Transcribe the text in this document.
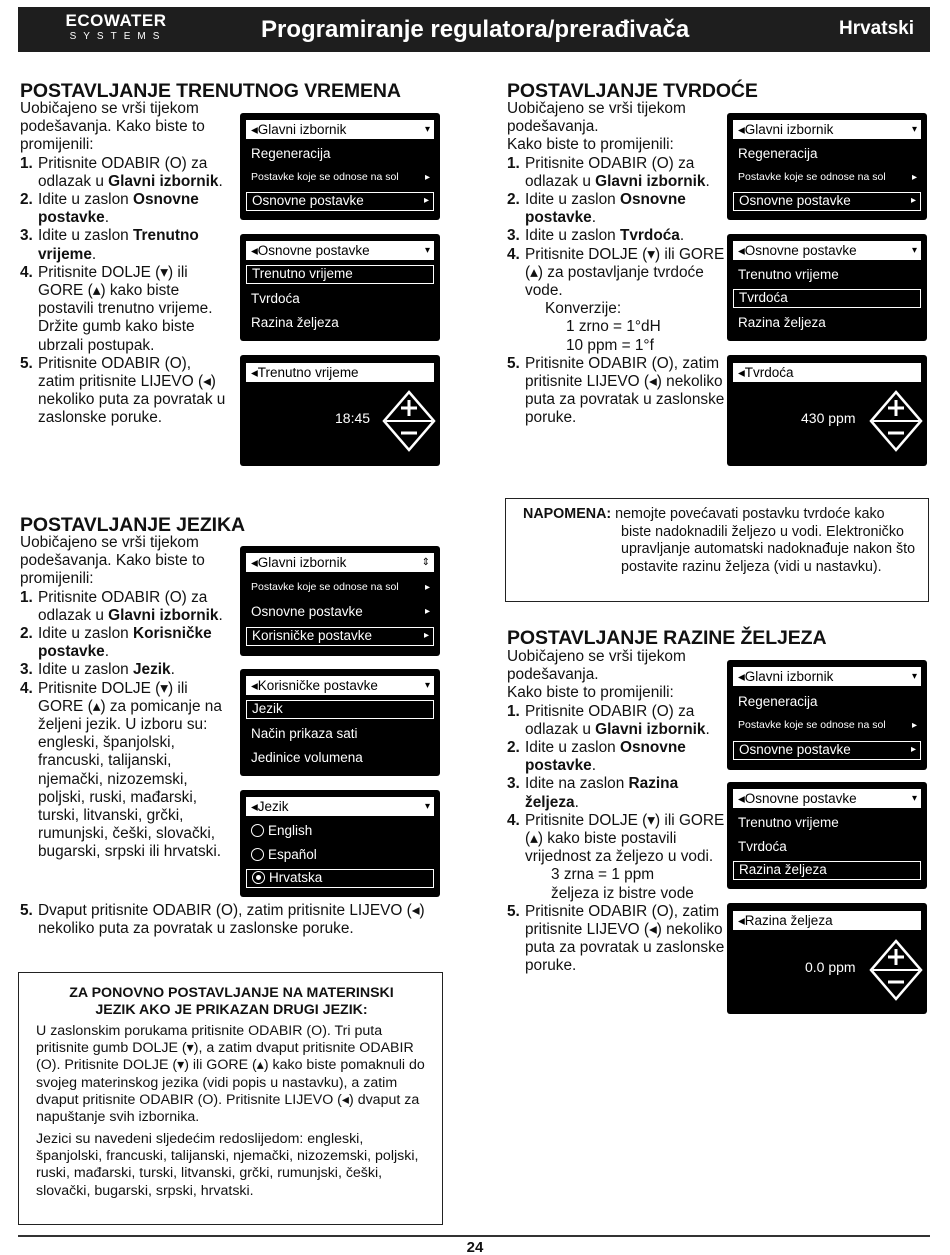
ECOWATER
SYSTEMS	Programiranje regulatora/prerađivača	Hrvatski
POSTAVLJANJE TRENUTNOG VREMENA

Uobičajeno se vrši tijekom podešavanja. Kako biste to promijenili:

1. Pritisnite ODABIR (O) za odlazak u Glavni izbornik.
2. Idite u zaslon Osnovne postavke.
3. Idite u zaslon Trenutno vrijeme.
4. Pritisnite DOLJE (▾) ili GORE (▴) kako biste postavili trenutno vrijeme. Držite gumb kako biste ubrzali postupak.
5. Pritisnite ODABIR (O), zatim pritisnite LIJEVO (◂) nekoliko puta za povratak u zaslonske poruke.
◂Glavni izbornik	▾
Regeneracija
Postavke koje se odnose na sol	▸
Osnovne postavke	▸
◂Osnovne postavke	▾
Trenutno vrijeme
Tvrdoća
Razina željeza
◂Trenutno vrijeme
18:45
POSTAVLJANJE TVRDOĆE

Uobičajeno se vrši tijekom podešavanja.

Kako biste to promijenili:

1. Pritisnite ODABIR (O) za odlazak u Glavni izbornik.
2. Idite u zaslon Osnovne postavke.
3. Idite u zaslon Tvrdoća.
4. Pritisnite DOLJE (▾) ili GORE (▴) za postavljanje tvrdoće vode.

Konverzije:

1 zrno = 1°dH

10 ppm = 1°f

5. Pritisnite ODABIR (O), zatim pritisnite LIJEVO (◂) nekoliko puta za povratak u zaslonske poruke.
◂Glavni izbornik	▾
Regeneracija
Postavke koje se odnose na sol	▸
Osnovne postavke	▸
◂Osnovne postavke	▾
Trenutno vrijeme
Tvrdoća
Razina željeza
◂Tvrdoća
430 ppm
NAPOMENA: nemojte povećavati postavku tvrdoće kako
biste nadoknadili željezo u vodi. Elektroničko upravljanje automatski nadoknađuje nakon što postavite razinu željeza (vidi u nastavku).
POSTAVLJANJE JEZIKA

Uobičajeno se vrši tijekom podešavanja. Kako biste to promijenili:

1. Pritisnite ODABIR (O) za odlazak u Glavni izbornik.
2. Idite u zaslon Korisničke postavke.
3. Idite u zaslon Jezik.
4. Pritisnite DOLJE (▾) ili GORE (▴) za pomicanje na željeni jezik. U izboru su: engleski, španjolski, francuski, talijanski, njemački, nizozemski, poljski, ruski, mađarski, turski, litvanski, grčki, rumunjski, češki, slovački, bugarski, srpski ili hrvatski.
5. Dvaput pritisnite ODABIR (O), zatim pritisnite LIJEVO (◂) nekoliko puta za povratak u zaslonske poruke.
◂Glavni izbornik	⇕
Postavke koje se odnose na sol	▸
Osnovne postavke	▸
Korisničke postavke	▸
◂Korisničke postavke	▾
Jezik
Način prikaza sati
Jedinice volumena
◂Jezik	▾
English
Español
Hrvatska
POSTAVLJANJE RAZINE ŽELJEZA

Uobičajeno se vrši tijekom podešavanja.

Kako biste to promijenili:

1. Pritisnite ODABIR (O) za odlazak u Glavni izbornik.
2. Idite u zaslon Osnovne postavke.
3. Idite na zaslon Razina željeza.
4. Pritisnite DOLJE (▾) ili GORE (▴) kako biste postavili vrijednost za željezo u vodi.

3 zrna = 1 ppm

željeza iz bistre vode

5. Pritisnite ODABIR (O), zatim pritisnite LIJEVO (◂) nekoliko puta za povratak u zaslonske poruke.
◂Glavni izbornik	▾
Regeneracija
Postavke koje se odnose na sol	▸
Osnovne postavke	▸
◂Osnovne postavke	▾
Trenutno vrijeme
Tvrdoća
Razina željeza
◂Razina željeza
0.0 ppm
ZA PONOVNO POSTAVLJANJE NA MATERINSKI JEZIK AKO JE PRIKAZAN DRUGI JEZIK:
U zaslonskim porukama pritisnite ODABIR (O). Tri puta pritisnite gumb DOLJE (▾), a zatim dvaput pritisnite ODABIR (O). Pritisnite DOLJE (▾) ili GORE (▴) kako biste pomaknuli do svojeg materinskog jezika (vidi popis u nastavku), a zatim dvaput pritisnite ODABIR (O). Pritisnite LIJEVO (◂) dvaput za napuštanje svih izbornika.
Jezici su navedeni sljedećim redoslijedom: engleski, španjolski, francuski, talijanski, njemački, nizozemski, poljski, ruski, mađarski, turski, litvanski, grčki, rumunjski, češki, slovački, bugarski, srpski, hrvatski.
24
